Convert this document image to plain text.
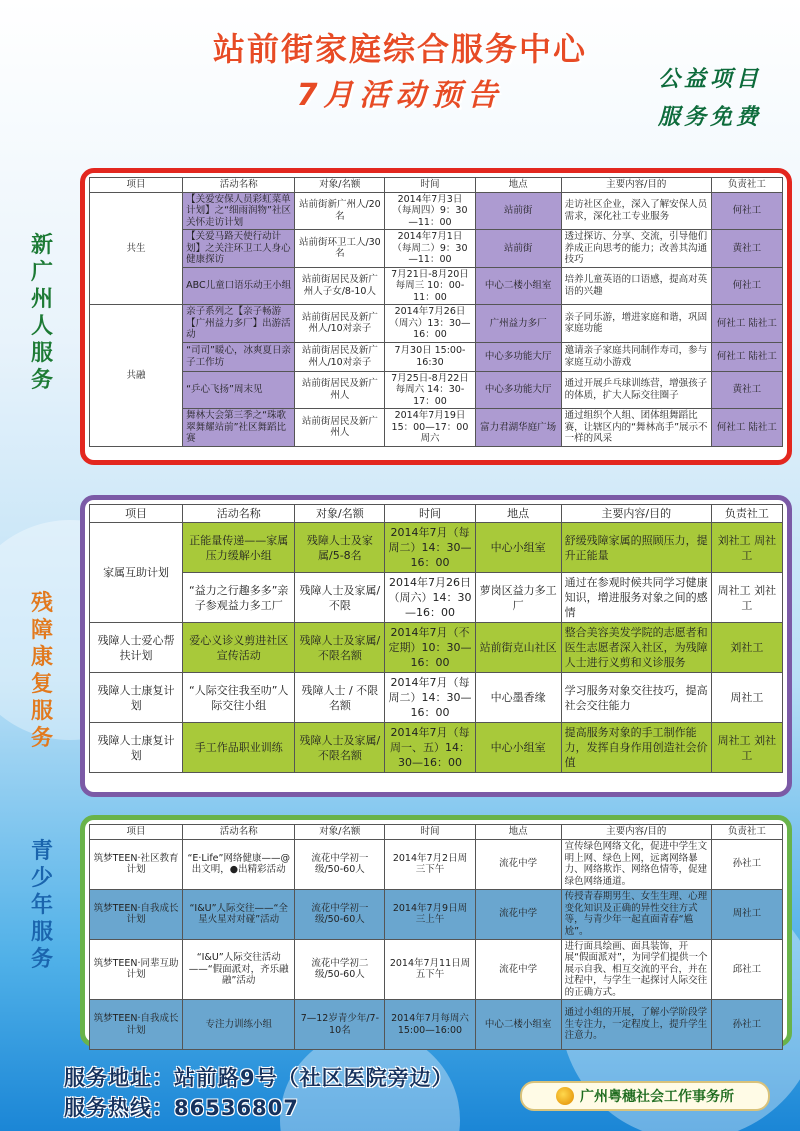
站前街家庭综合服务中心
7月活动预告	公益项目
服务免费
新广州人服务
项目	活动名称	对象/名额	时间	地点	主要内容/目的	负责社工
共生	【关爱安保人员彩虹菜单计划】之“细雨润物”社区关怀走访计划	站前街新广州人/20名	2014年7月3日（每周四）9：30—11：00	站前街	走访社区企业，深入了解安保人员需求，深化社工专业服务	何社工
	【关爱马路天使行动计划】之关注环卫工人身心健康探访	站前街环卫工人/30名	2014年7月1日（每周二）9：30—11：00	站前街	透过探访、分享、交流，引导他们养成正向思考的能力；改善其沟通技巧	黄社工
	ABC儿童口语乐动王小组	站前街居民及新广州人子女/8-10人	7月21日-8月20日每周三 10：00-11：00	中心二楼小组室	培养儿童英语的口语感，提高对英语的兴趣	何社工
共融	亲子系列之【亲子畅游【广州益力多厂】出游活动	站前街居民及新广州人/10对亲子	2014年7月26日（周六）13：30—16：00	广州益力多厂	亲子同乐游，增进家庭和谐，巩固家庭功能	何社工 陆社工
	“司司”暖心，冰爽夏日亲子工作坊	站前街居民及新广州人/10对亲子	7月30日 15:00-16:30	中心多功能大厅	邀请亲子家庭共同制作寿司，参与家庭互动小游戏	何社工 陆社工
	“乒心飞扬”周末见	站前街居民及新广州人	7月25日-8月22日每周六 14：30-17：00	中心多功能大厅	通过开展乒乓球训练营，增强孩子的体质，扩大人际交往圈子	黄社工
	舞林大会第三季之“珠歌翠舞耀站前”社区舞蹈比赛	站前街居民及新广州人	2014年7月19日 15：00—17：00 周六	富力君湖华庭广场	通过组织个人组、团体组舞蹈比赛，让辖区内的“舞林高手”展示不一样的风采	何社工 陆社工
残障康复服务
项目	活动名称	对象/名额	时间	地点	主要内容/目的	负责社工
家属互助计划	正能量传递——家属压力缓解小组	残障人士及家属/5-8名	2014年7月（每周二）14：30—16：00	中心小组室	舒缓残障家属的照顾压力，提升正能量	刘社工 周社工
	“益力之行趣多多”亲子参观益力多工厂	残障人士及家属/不限	2014年7月26日（周六）14：30—16：00	萝岗区益力多工厂	通过在参观时候共同学习健康知识，增进服务对象之间的感情	周社工 刘社工
残障人士爱心帮扶计划	爱心义诊义剪进社区宣传活动	残障人士及家属/不限名额	2014年7月（不定期）10：30—16：00	站前街克山社区	整合美容美发学院的志愿者和医生志愿者深入社区，为残障人士进行义剪和义诊服务	刘社工
残障人士康复计划	“人际交往我至叻”人际交往小组	残障人士 / 不限名额	2014年7月（每周二）14：30—16：00	中心墨香缘	学习服务对象交往技巧，提高社会交往能力	周社工
残障人士康复计划	手工作品职业训练	残障人士及家属/不限名额	2014年7月（每周一、五）14：30—16：00	中心小组室	提高服务对象的手工制作能力，发挥自身作用创造社会价值	周社工 刘社工
青少年服务
项目	活动名称	对象/名额	时间	地点	主要内容/目的	负责社工
筑梦TEEN·社区教育计划	“E·Life”网络健康——@出文明，●出精彩活动	流花中学初一级/50-60人	2014年7月2日周三下午	流花中学	宣传绿色网络文化，促进中学生文明上网、绿色上网，远离网络暴力、网络欺诈、网络色情等，促建绿色网络通道。	孙社工
筑梦TEEN·自我成长计划	“I&U”人际交往——“全星火星对对碰”活动	流花中学初一级/50-60人	2014年7月9日周三上午	流花中学	传授青春期男生、女生生理、心理变化知识及正确的异性交往方式等，与青少年一起直面青春“尴尬”。	周社工
筑梦TEEN·同辈互助计划	“I&U”人际交往活动——“假面派对，齐乐融融”活动	流花中学初二级/50-60人	2014年7月11日周五下午	流花中学	进行面具绘画、面具装饰，开展“假面派对”，为同学们提供一个展示自我、相互交流的平台，并在过程中，与学生一起探讨人际交往的正确方式。	邱社工
筑梦TEEN·自我成长计划	专注力训练小组	7—12岁青少年/7-10名	2014年7月每周六 15:00—16:00	中心二楼小组室	通过小组的开展，了解小学阶段学生专注力，一定程度上，提升学生注意力。	孙社工
服务地址：站前路9号（社区医院旁边）
服务热线：86536807	广州粤穗社会工作事务所
